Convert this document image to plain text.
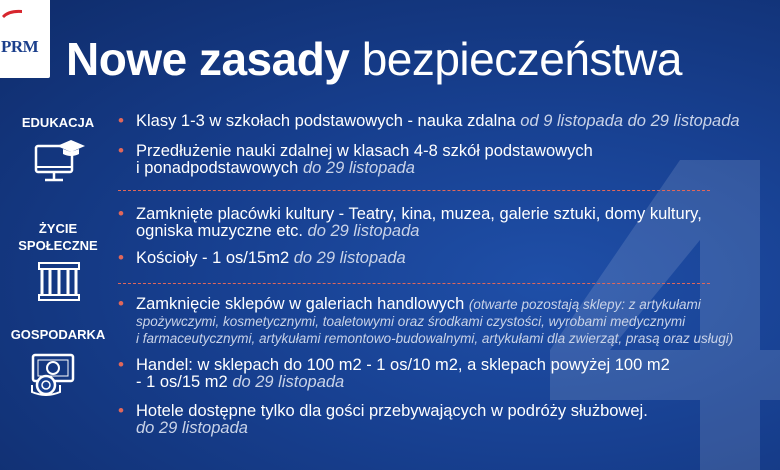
PRM Nowe zasady bezpieczeństwa
EDUKACJA
ŻYCIE
SPOŁECZNE
GOSPODARKA
• Klasy 1-3 w szkołach podstawowych - nauka zdalna od 9 listopada do 29 listopada
• Przedłużenie nauki zdalnej w klasach 4-8 szkół podstawowych
i ponadpodstawowych do 29 listopada
• Zamknięte placówki kultury - Teatry, kina, muzea, galerie sztuki, domy kultury,
ogniska muzyczne etc. do 29 listopada
• Kościoły - 1 os/15m2 do 29 listopada
• Zamknięcie sklepów w galeriach handlowych (otwarte pozostają sklepy: z artykułami
spożywczymi, kosmetycznymi, toaletowymi oraz środkami czystości, wyrobami medycznymi
i farmaceutycznymi, artykułami remontowo-budowalnymi, artykułami dla zwierząt, prasą oraz usługi)
• Handel: w sklepach do 100 m2 - 1 os/10 m2, a sklepach powyżej 100 m2
- 1 os/15 m2 do 29 listopada
• Hotele dostępne tylko dla gości przebywających w podróży służbowej.
do 29 listopada
